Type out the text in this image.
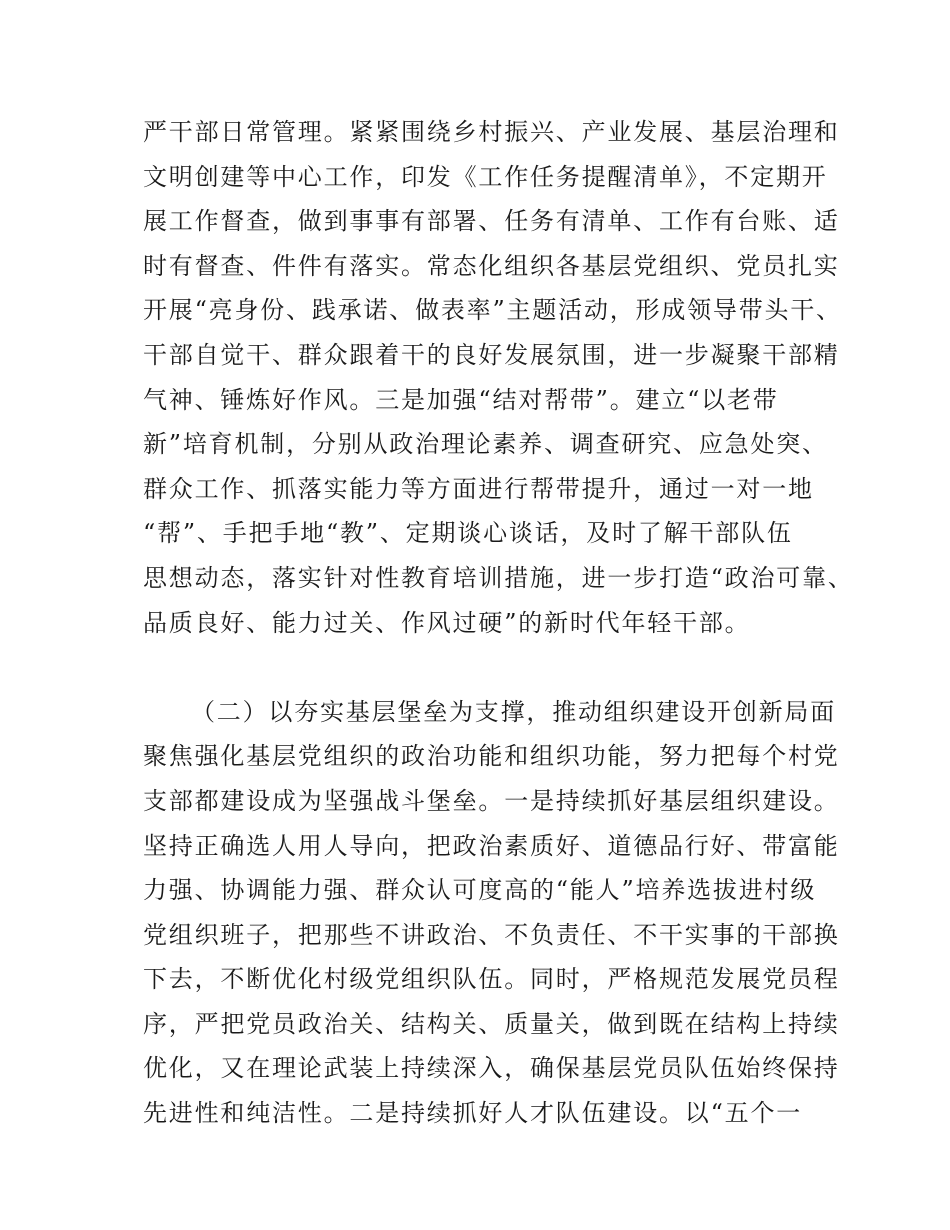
严干部日常管理。紧紧围绕乡村振兴、产业发展、基层治理和
文明创建等中心工作，印发《工作任务提醒清单》，不定期开
展工作督查，做到事事有部署、任务有清单、工作有台账、适
时有督查、件件有落实。常态化组织各基层党组织、党员扎实
开展“亮身份、践承诺、做表率”主题活动，形成领导带头干、
干部自觉干、群众跟着干的良好发展氛围，进一步凝聚干部精
气神、锤炼好作风。三是加强“结对帮带”。建立“以老带
新”培育机制，分别从政治理论素养、调查研究、应急处突、
群众工作、抓落实能力等方面进行帮带提升，通过一对一地
“帮”、手把手地“教”、定期谈心谈话，及时了解干部队伍
思想动态，落实针对性教育培训措施，进一步打造“政治可靠、
品质良好、能力过关、作风过硬”的新时代年轻干部。
（二）以夯实基层堡垒为支撑，推动组织建设开创新局面
聚焦强化基层党组织的政治功能和组织功能，努力把每个村党
支部都建设成为坚强战斗堡垒。一是持续抓好基层组织建设。
坚持正确选人用人导向，把政治素质好、道德品行好、带富能
力强、协调能力强、群众认可度高的“能人”培养选拔进村级
党组织班子，把那些不讲政治、不负责任、不干实事的干部换
下去，不断优化村级党组织队伍。同时，严格规范发展党员程
序，严把党员政治关、结构关、质量关，做到既在结构上持续
优化，又在理论武装上持续深入，确保基层党员队伍始终保持
先进性和纯洁性。二是持续抓好人才队伍建设。以“五个一
